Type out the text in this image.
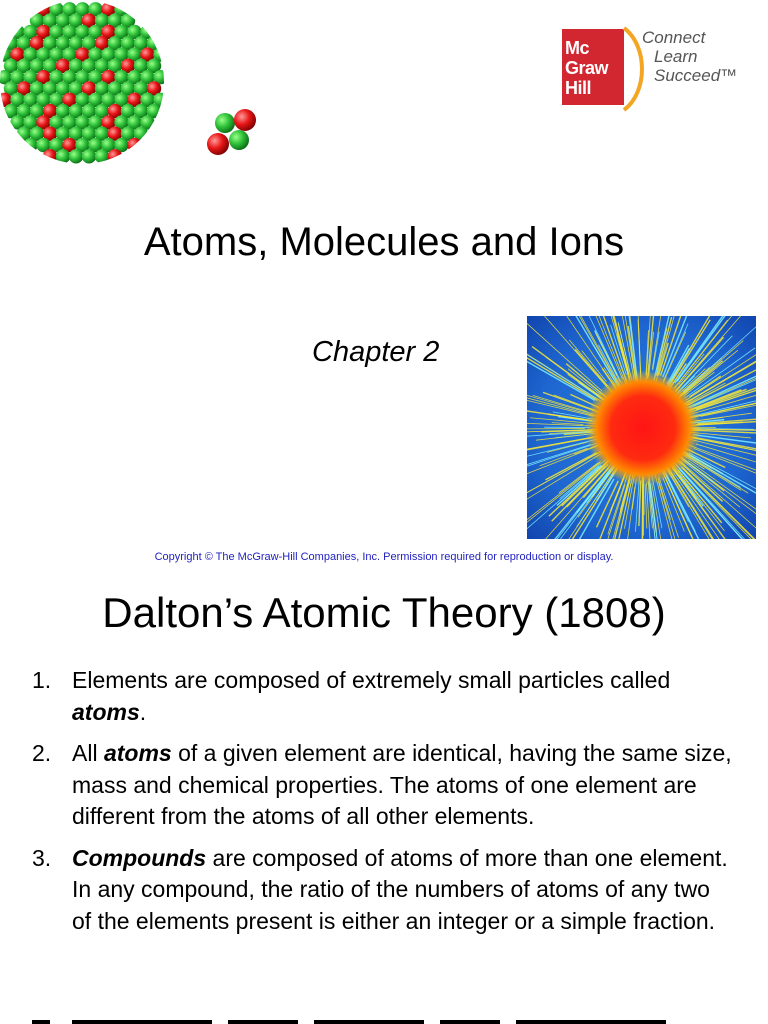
Mc
Graw
Hill
Connect
Learn
Succeed™
Atoms, Molecules and Ions
Chapter 2
Copyright © The McGraw-Hill Companies, Inc. Permission required for reproduction or display.
Dalton’s Atomic Theory (1808)
1. Elements are composed of extremely small particles called atoms.
2. All atoms of a given element are identical, having the same size, mass and chemical properties. The atoms of one element are different from the atoms of all other elements.
3. Compounds are composed of atoms of more than one element. In any compound, the ratio of the numbers of atoms of any two of the elements present is either an integer or a simple fraction.
